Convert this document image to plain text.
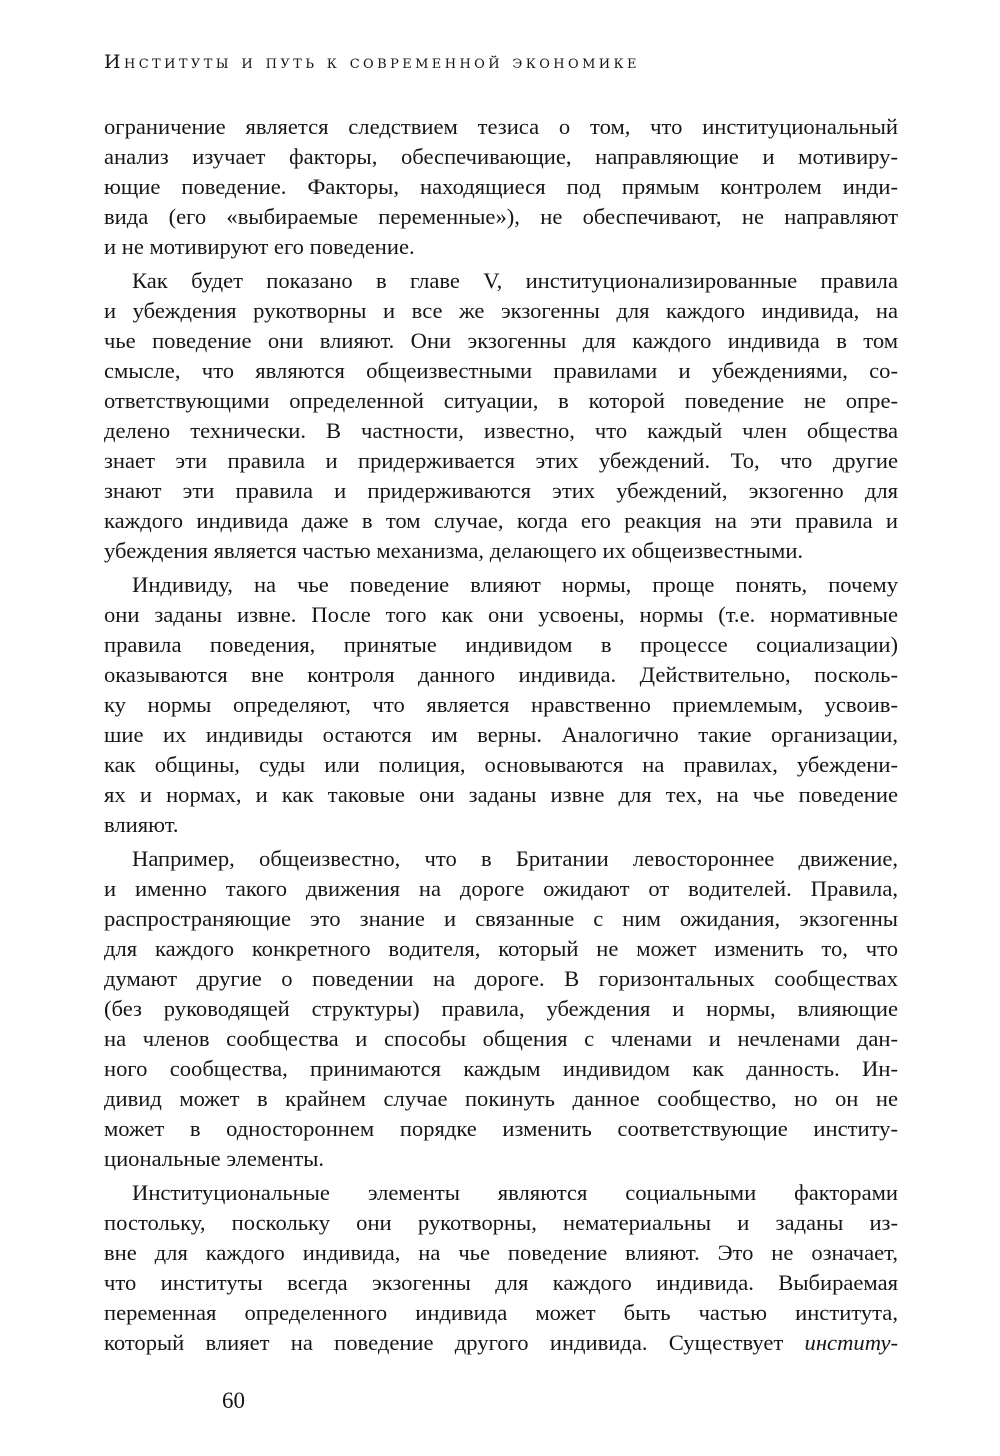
Институты и путь к современной экономике
ограничение является следствием тезиса о том, что институциональный
анализ изучает факторы, обеспечивающие, направляющие и мотивиру-
ющие поведение. Факторы, находящиеся под прямым контролем инди-
вида (его «выбираемые переменные»), не обеспечивают, не направляют
и не мотивируют его поведение.
Как будет показано в главе V, институционализированные правила
и убеждения рукотворны и все же экзогенны для каждого индивида, на
чье поведение они влияют. Они экзогенны для каждого индивида в том
смысле, что являются общеизвестными правилами и убеждениями, со-
ответствующими определенной ситуации, в которой поведение не опре-
делено технически. В частности, известно, что каждый член общества
знает эти правила и придерживается этих убеждений. То, что другие
знают эти правила и придерживаются этих убеждений, экзогенно для
каждого индивида даже в том случае, когда его реакция на эти правила и
убеждения является частью механизма, делающего их общеизвестными.
Индивиду, на чье поведение влияют нормы, проще понять, почему
они заданы извне. После того как они усвоены, нормы (т.е. нормативные
правила поведения, принятые индивидом в процессе социализации)
оказываются вне контроля данного индивида. Действительно, посколь-
ку нормы определяют, что является нравственно приемлемым, усвоив-
шие их индивиды остаются им верны. Аналогично такие организации,
как общины, суды или полиция, основываются на правилах, убеждени-
ях и нормах, и как таковые они заданы извне для тех, на чье поведение
влияют.
Например, общеизвестно, что в Британии левостороннее движение,
и именно такого движения на дороге ожидают от водителей. Правила,
распространяющие это знание и связанные с ним ожидания, экзогенны
для каждого конкретного водителя, который не может изменить то, что
думают другие о поведении на дороге. В горизонтальных сообществах
(без руководящей структуры) правила, убеждения и нормы, влияющие
на членов сообщества и способы общения с членами и нечленами дан-
ного сообщества, принимаются каждым индивидом как данность. Ин-
дивид может в крайнем случае покинуть данное сообщество, но он не
может в одностороннем порядке изменить соответствующие институ-
циональные элементы.
Институциональные элементы являются социальными факторами
постольку, поскольку они рукотворны, нематериальны и заданы из-
вне для каждого индивида, на чье поведение влияют. Это не означает,
что институты всегда экзогенны для каждого индивида. Выбираемая
переменная определенного индивида может быть частью института,
который влияет на поведение другого индивида. Существует институ-
60
